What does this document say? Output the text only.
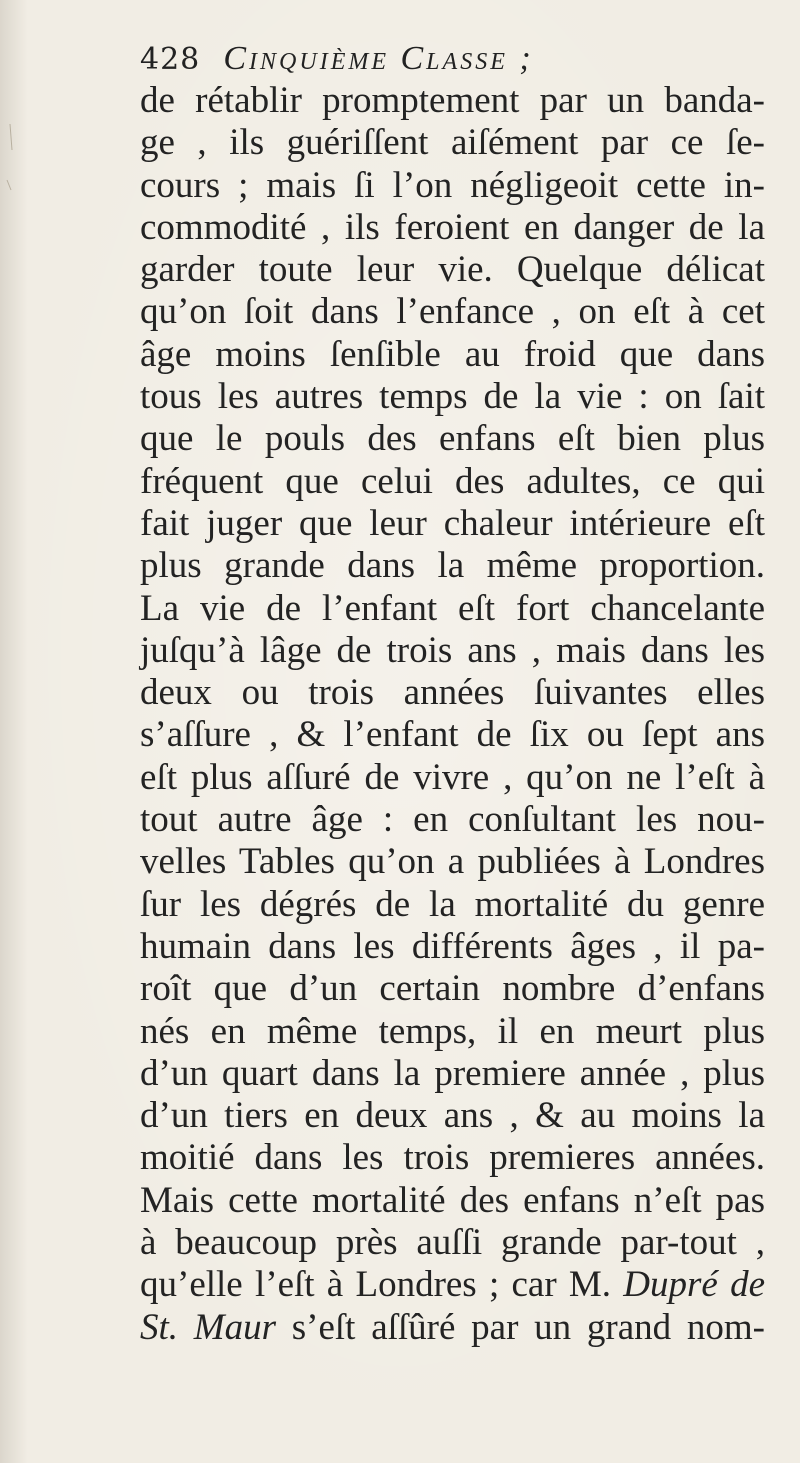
428 Cinquième Classe ;
de rétablir promptement par un banda-
ge , ils guériſſent aiſément par ce ſe-
cours ; mais ſi l’on négligeoit cette in-
commodité , ils feroient en danger de la
garder toute leur vie. Quelque délicat
qu’on ſoit dans l’enfance , on eſt à cet
âge moins ſenſible au froid que dans
tous les autres temps de la vie : on ſait
que le pouls des enfans eſt bien plus
fréquent que celui des adultes, ce qui
fait juger que leur chaleur intérieure eſt
plus grande dans la même proportion.
La vie de l’enfant eſt fort chancelante
juſqu’à lâge de trois ans , mais dans les
deux ou trois années ſuivantes elles
s’aſſure , & l’enfant de ſix ou ſept ans
eſt plus aſſuré de vivre , qu’on ne l’eſt à
tout autre âge : en conſultant les nou-
velles Tables qu’on a publiées à Londres
ſur les dégrés de la mortalité du genre
humain dans les différents âges , il pa-
roît que d’un certain nombre d’enfans
nés en même temps, il en meurt plus
d’un quart dans la premiere année , plus
d’un tiers en deux ans , & au moins la
moitié dans les trois premieres années.
Mais cette mortalité des enfans n’eſt pas
à beaucoup près auſſi grande par-tout ,
qu’elle l’eſt à Londres ; car M. Dupré de
St. Maur s’eſt aſſûré par un grand nom-
